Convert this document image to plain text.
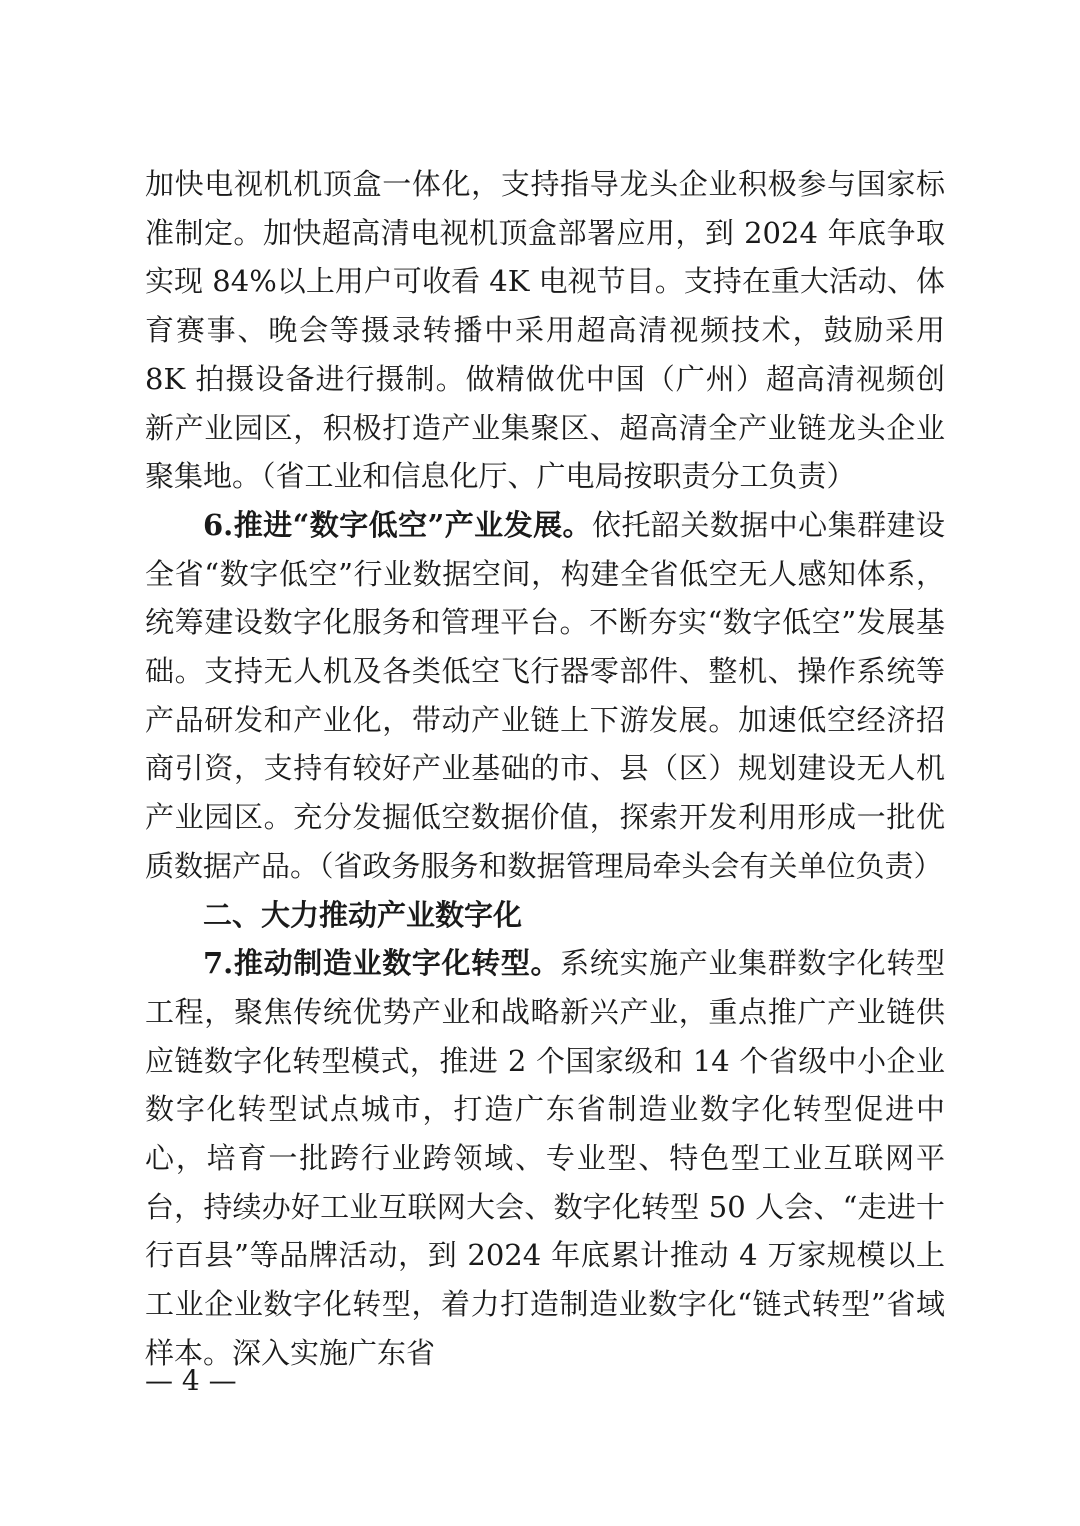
加快电视机机顶盒一体化，支持指导龙头企业积极参与国家标准制定。加快超高清电视机顶盒部署应用，到 2024 年底争取实现 84%以上用户可收看 4K 电视节目。支持在重大活动、体育赛事、晚会等摄录转播中采用超高清视频技术，鼓励采用 8K 拍摄设备进行摄制。做精做优中国（广州）超高清视频创新产业园区，积极打造产业集聚区、超高清全产业链龙头企业聚集地。（省工业和信息化厅、广电局按职责分工负责）

6.推进“数字低空”产业发展。依托韶关数据中心集群建设全省“数字低空”行业数据空间，构建全省低空无人感知体系，统筹建设数字化服务和管理平台。不断夯实“数字低空”发展基础。支持无人机及各类低空飞行器零部件、整机、操作系统等产品研发和产业化，带动产业链上下游发展。加速低空经济招商引资，支持有较好产业基础的市、县（区）规划建设无人机产业园区。充分发掘低空数据价值，探索开发利用形成一批优质数据产品。（省政务服务和数据管理局牵头会有关单位负责）

二、大力推动产业数字化

7.推动制造业数字化转型。系统实施产业集群数字化转型工程，聚焦传统优势产业和战略新兴产业，重点推广产业链供应链数字化转型模式，推进 2 个国家级和 14 个省级中小企业数字化转型试点城市，打造广东省制造业数字化转型促进中心，培育一批跨行业跨领域、专业型、特色型工业互联网平台，持续办好工业互联网大会、数字化转型 50 人会、“走进十行百县”等品牌活动，到 2024 年底累计推动 4 万家规模以上工业企业数字化转型，着力打造制造业数字化“链式转型”省域样本。深入实施广东省

— 4 —
